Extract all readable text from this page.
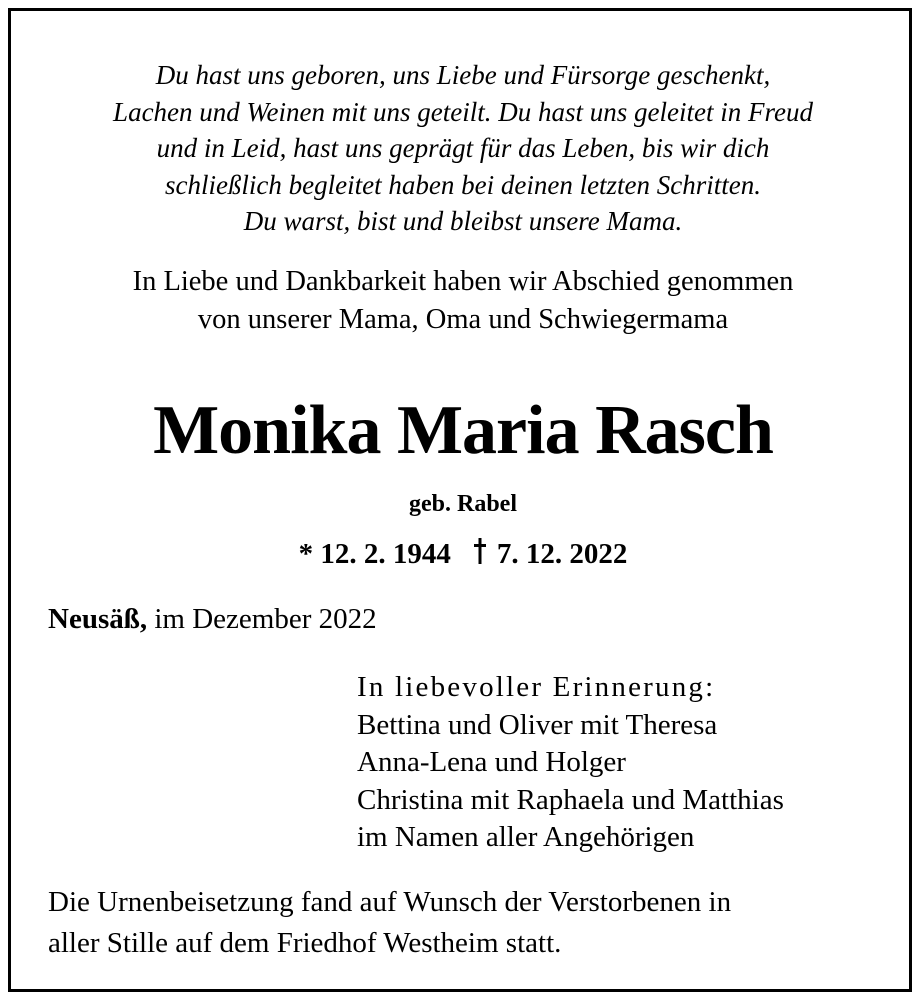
Du hast uns geboren, uns Liebe und Fürsorge geschenkt,
Lachen und Weinen mit uns geteilt. Du hast uns geleitet in Freud
und in Leid, hast uns geprägt für das Leben, bis wir dich
schließlich begleitet haben bei deinen letzten Schritten.
Du warst, bist und bleibst unsere Mama.
In Liebe und Dankbarkeit haben wir Abschied genommen
von unserer Mama, Oma und Schwiegermama
Monika Maria Rasch
geb. Rabel
* 12. 2. 1944 7. 12. 2022
Neusäß, im Dezember 2022
In liebevoller Erinnerung:
Bettina und Oliver mit Theresa
Anna-Lena und Holger
Christina mit Raphaela und Matthias
im Namen aller Angehörigen
Die Urnenbeisetzung fand auf Wunsch der Verstorbenen in
aller Stille auf dem Friedhof Westheim statt.
